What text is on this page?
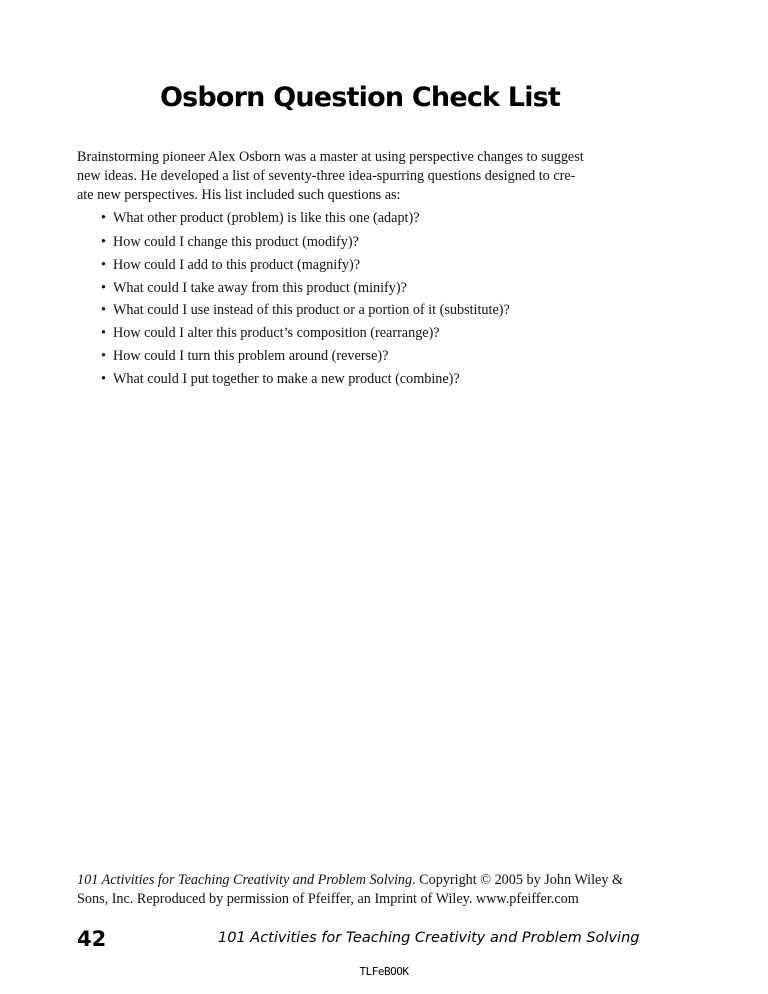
Osborn Question Check List
Brainstorming pioneer Alex Osborn was a master at using perspective changes to suggest
new ideas. He developed a list of seventy-three idea-spurring questions designed to cre-
ate new perspectives. His list included such questions as:
• What other product (problem) is like this one (adapt)?
• How could I change this product (modify)?
• How could I add to this product (magnify)?
• What could I take away from this product (minify)?
• What could I use instead of this product or a portion of it (substitute)?
• How could I alter this product’s composition (rearrange)?
• How could I turn this problem around (reverse)?
• What could I put together to make a new product (combine)?
101 Activities for Teaching Creativity and Problem Solving. Copyright © 2005 by John Wiley &
Sons, Inc. Reproduced by permission of Pfeiffer, an Imprint of Wiley. www.pfeiffer.com
42	101 Activities for Teaching Creativity and Problem Solving
TLFeBOOK
